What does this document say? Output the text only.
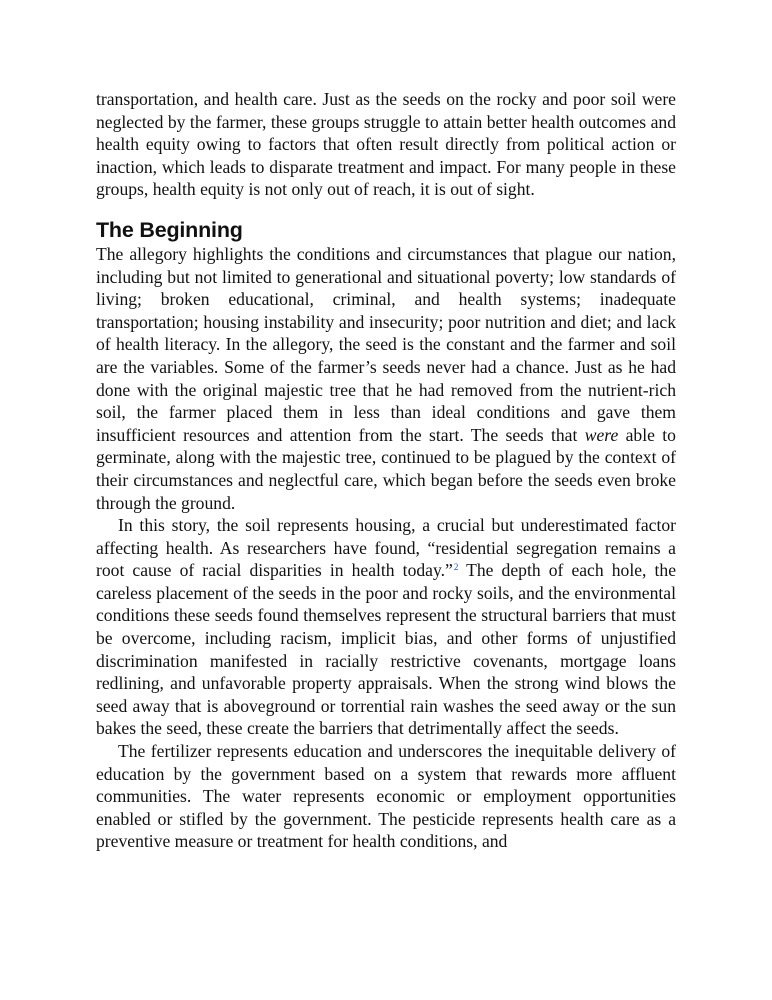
transportation, and health care. Just as the seeds on the rocky and poor soil were neglected by the farmer, these groups struggle to attain better health outcomes and health equity owing to factors that often result directly from political action or inaction, which leads to disparate treatment and impact. For many people in these groups, health equity is not only out of reach, it is out of sight.

The Beginning

The allegory highlights the conditions and circumstances that plague our nation, including but not limited to generational and situational poverty; low standards of living; broken educational, criminal, and health systems; inadequate transportation; housing instability and insecurity; poor nutrition and diet; and lack of health literacy. In the allegory, the seed is the constant and the farmer and soil are the variables. Some of the farmer’s seeds never had a chance. Just as he had done with the original majestic tree that he had removed from the nutrient-rich soil, the farmer placed them in less than ideal conditions and gave them insufficient resources and attention from the start. The seeds that were able to germinate, along with the majestic tree, continued to be plagued by the context of their circumstances and neglectful care, which began before the seeds even broke through the ground.

In this story, the soil represents housing, a crucial but underestimated factor affecting health. As researchers have found, “residential segregation remains a root cause of racial disparities in health today.”$^2$ The depth of each hole, the careless placement of the seeds in the poor and rocky soils, and the environmental conditions these seeds found themselves represent the structural barriers that must be overcome, including racism, implicit bias, and other forms of unjustified discrimination manifested in racially restrictive covenants, mortgage loans redlining, and unfavorable property appraisals. When the strong wind blows the seed away that is aboveground or torrential rain washes the seed away or the sun bakes the seed, these create the barriers that detrimentally affect the seeds.

The fertilizer represents education and underscores the inequitable delivery of education by the government based on a system that rewards more affluent communities. The water represents economic or employment opportunities enabled or stifled by the government. The pesticide represents health care as a preventive measure or treatment for health conditions, and
